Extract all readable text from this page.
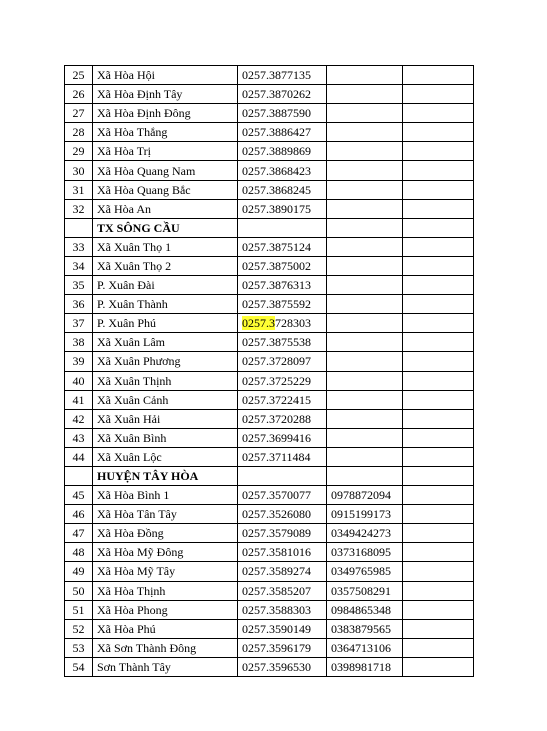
25	Xã Hòa Hội	0257.3877135		
26	Xã Hòa Định Tây	0257.3870262		
27	Xã Hòa Định Đông	0257.3887590		
28	Xã Hòa Thắng	0257.3886427		
29	Xã Hòa Trị	0257.3889869		
30	Xã Hòa Quang Nam	0257.3868423		
31	Xã Hòa Quang Bắc	0257.3868245		
32	Xã Hòa An	0257.3890175		
	TX SÔNG CẦU			
33	Xã Xuân Thọ 1	0257.3875124		
34	Xã Xuân Thọ 2	0257.3875002		
35	P. Xuân Đài	0257.3876313		
36	P. Xuân Thành	0257.3875592		
37	P. Xuân Phú	0257.3728303		
38	Xã Xuân Lâm	0257.3875538		
39	Xã Xuân Phương	0257.3728097		
40	Xã Xuân Thịnh	0257.3725229		
41	Xã Xuân Cảnh	0257.3722415		
42	Xã Xuân Hải	0257.3720288		
43	Xã Xuân Bình	0257.3699416		
44	Xã Xuân Lộc	0257.3711484		
	HUYỆN TÂY HÒA			
45	Xã Hòa Bình 1	0257.3570077	0978872094	
46	Xã Hòa Tân Tây	0257.3526080	0915199173	
47	Xã Hòa Đồng	0257.3579089	0349424273	
48	Xã Hòa Mỹ Đông	0257.3581016	0373168095	
49	Xã Hòa Mỹ Tây	0257.3589274	0349765985	
50	Xã Hòa Thịnh	0257.3585207	0357508291	
51	Xã Hòa Phong	0257.3588303	0984865348	
52	Xã Hòa Phú	0257.3590149	0383879565	
53	Xã Sơn Thành Đông	0257.3596179	0364713106	
54	Sơn Thành Tây	0257.3596530	0398981718	
